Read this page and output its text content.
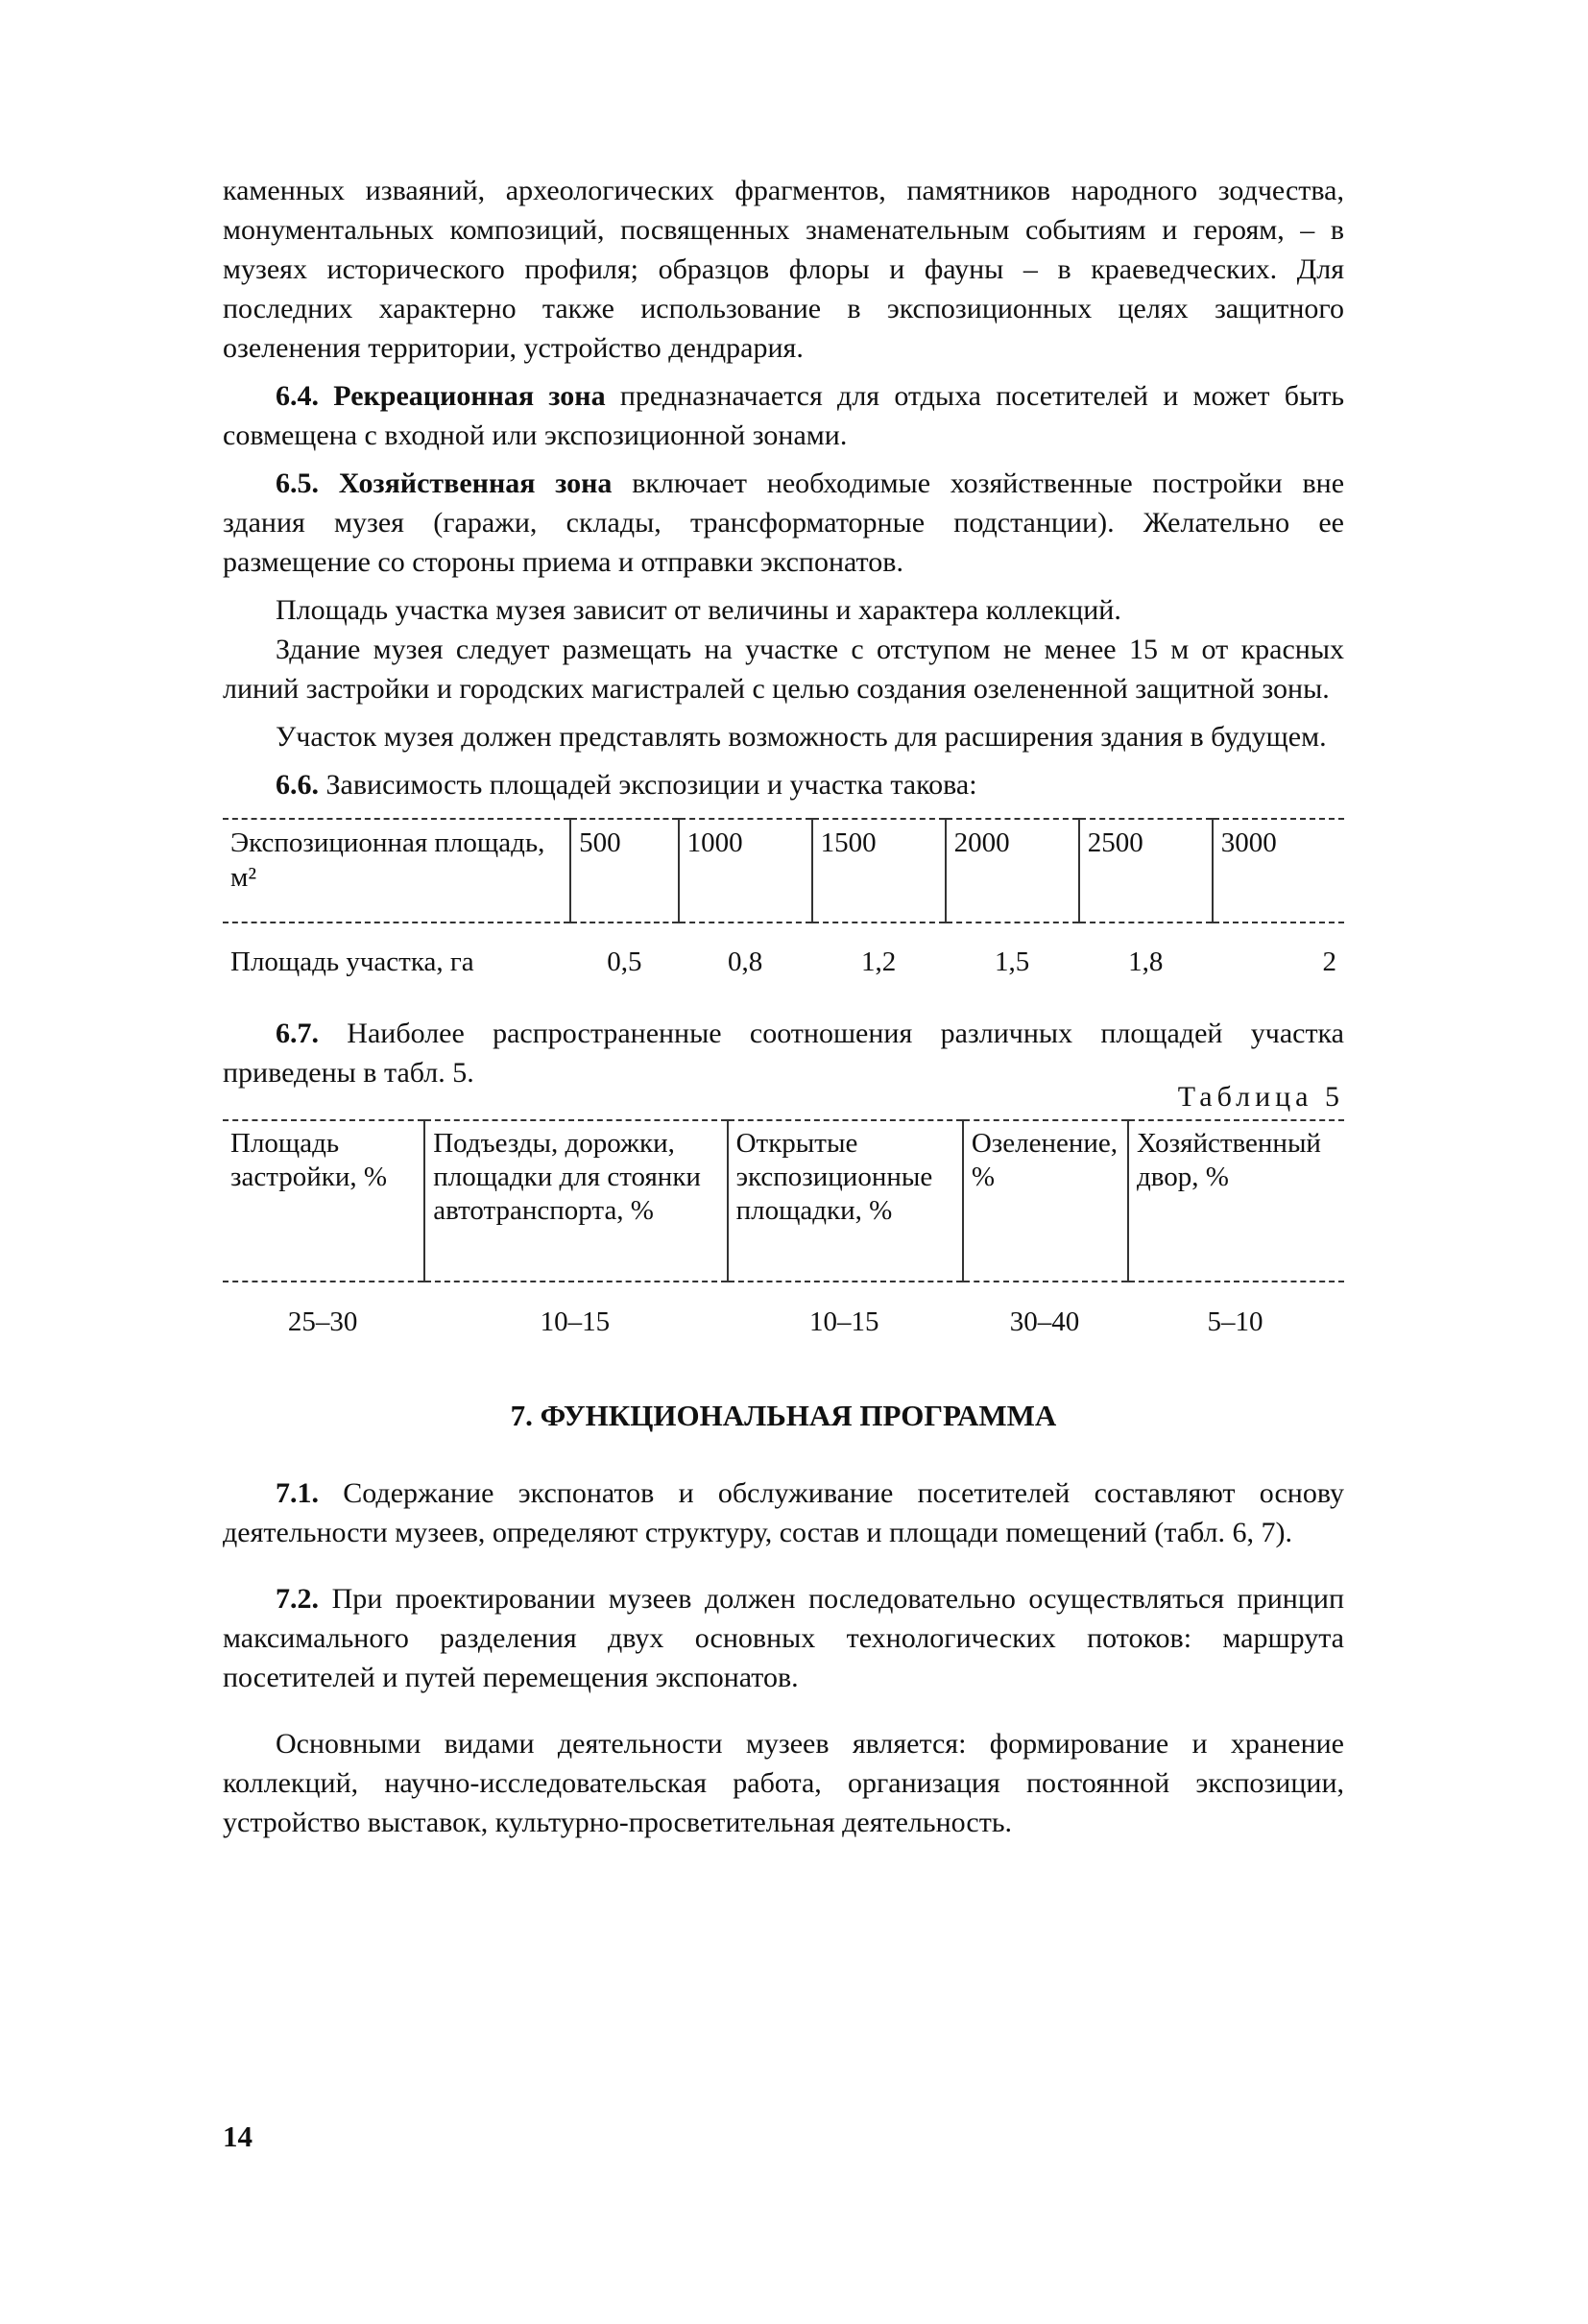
каменных изваяний, археологических фрагментов, памятников народного зодчества, монументальных композиций, посвященных знаменательным событиям и героям, – в музеях исторического профиля; образцов флоры и фауны – в краеведческих. Для последних характерно также использование в экспозиционных целях защитного озеленения территории, устройство дендрария.

6.4. Рекреационная зона предназначается для отдыха посетителей и может быть совмещена с входной или экспозиционной зонами.

6.5. Хозяйственная зона включает необходимые хозяйственные постройки вне здания музея (гаражи, склады, трансформаторные подстанции). Желательно ее размещение со стороны приема и отправки экспонатов.

Площадь участка музея зависит от величины и характера коллекций.

Здание музея следует размещать на участке с отступом не менее 15 м от красных линий застройки и городских магистралей с целью создания озелененной защитной зоны.

Участок музея должен представлять возможность для расширения здания в будущем.

6.6. Зависимость площадей экспозиции и участка такова:

Экспозиционная площадь, м²	500	1000	1500	2000	2500	3000
Площадь участка, га	0,5	0,8	1,2	1,5	1,8	2

6.7. Наиболее распространенные соотношения различных площадей участка приведены в табл. 5.

Таблица 5
Площадь застройки, %	Подъезды, дорожки, площадки для стоянки автотранспорта, %	Открытые экспозиционные площадки, %	Озеленение, %	Хозяйственный двор, %
25–30	10–15	10–15	30–40	5–10
7. ФУНКЦИОНАЛЬНАЯ ПРОГРАММА

7.1. Содержание экспонатов и обслуживание посетителей составляют основу деятельности музеев, определяют структуру, состав и площади помещений (табл. 6, 7).

7.2. При проектировании музеев должен последовательно осуществляться принцип максимального разделения двух основных технологических потоков: маршрута посетителей и путей перемещения экспонатов.

Основными видами деятельности музеев является: формирование и хранение коллекций, научно-исследовательская работа, организация постоянной экспозиции, устройство выставок, культурно-просветительная деятельность.

14
